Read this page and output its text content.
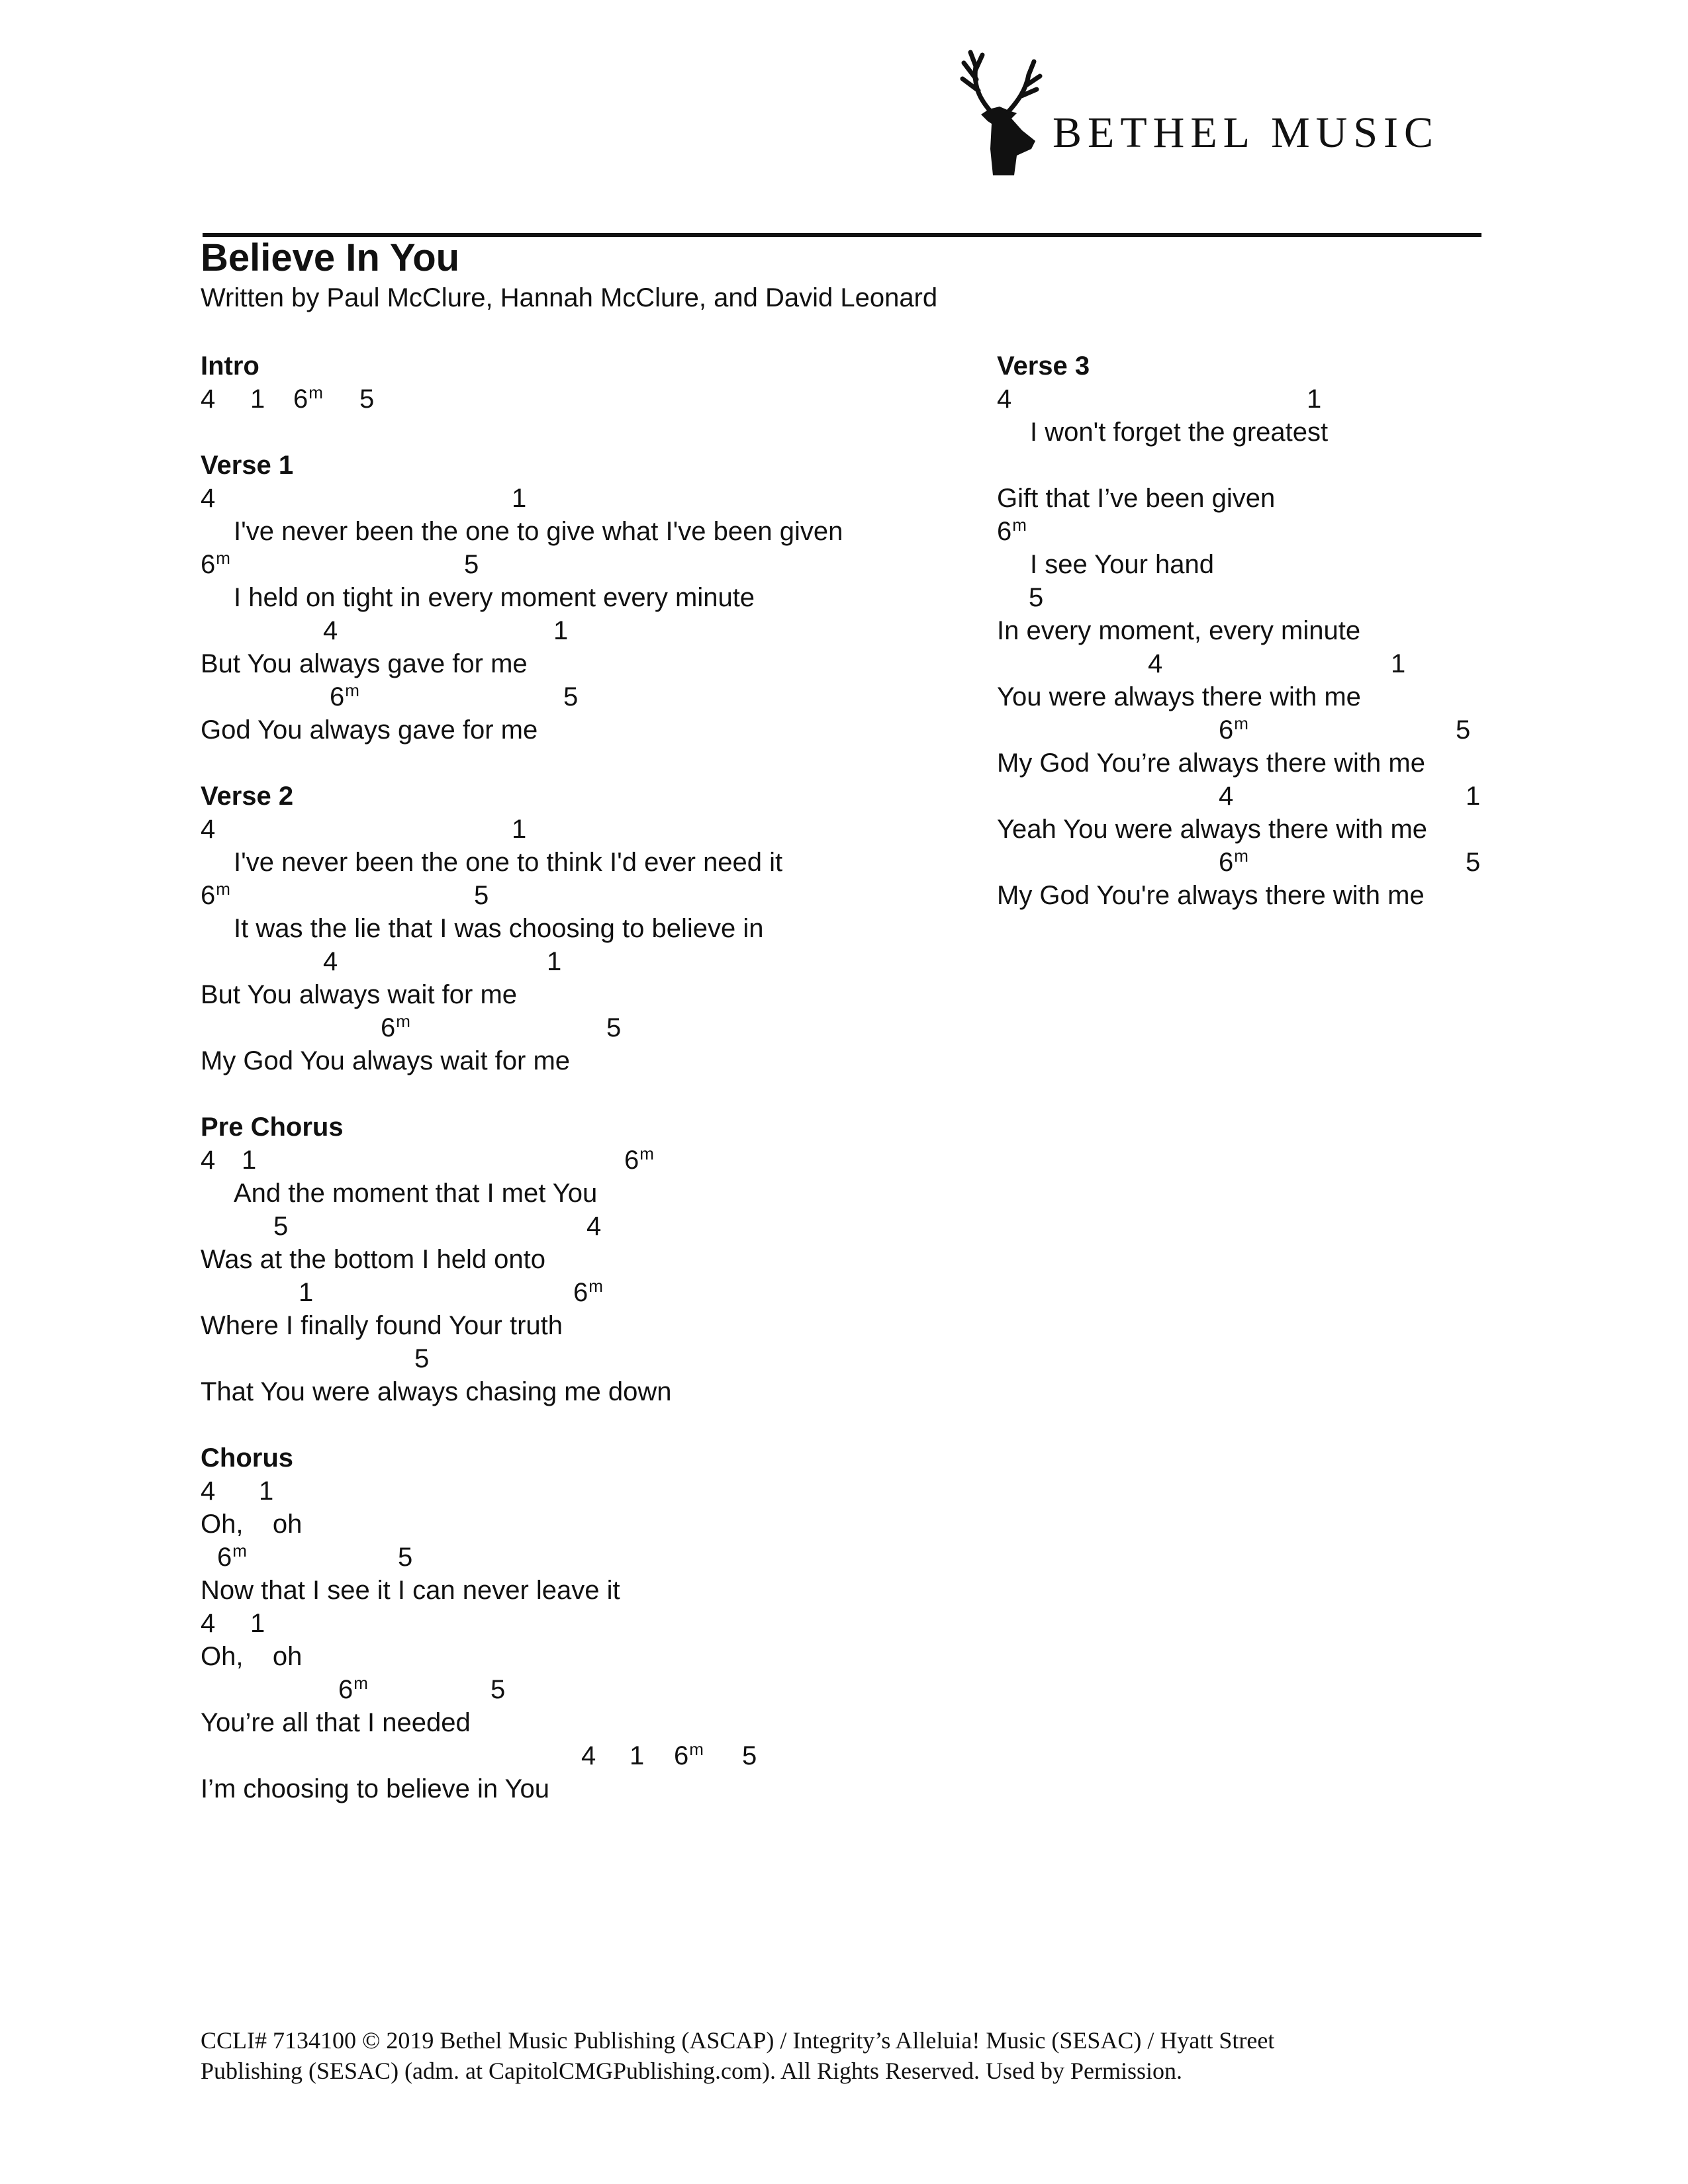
BETHEL MUSIC
Believe In You
Written by Paul McClure, Hannah McClure, and David Leonard
Intro
4 1 6$^m$ 5
Verse 1
4	1
I've never been the one to give what I've been given
6$^m$	5
I held on tight in every moment every minute
4	1
But You always gave for me
6$^m$	5
God You always gave for me
Verse 2
4	1
I've never been the one to think I'd ever need it
6$^m$	5
It was the lie that I was choosing to believe in
4	1
But You always wait for me
6$^m$	5
My God You always wait for me
Pre Chorus
4 1	6$^m$
And the moment that I met You
5	4
Was at the bottom I held onto
1	6$^m$
Where I finally found Your truth
5
That You were always chasing me down
Chorus
4 1
Oh,    oh
6$^m$	5
Now that I see it I can never leave it
4 1
Oh,    oh
6$^m$	5
You’re all that I needed
4 1 6$^m$ 5
I’m choosing to believe in You
Verse 3
4	1
I won't forget the greatest
Gift that I’ve been given
6$^m$
I see Your hand
5
In every moment, every minute
4	1
You were always there with me
6$^m$	5
My God You’re always there with me
4	1
Yeah You were always there with me
6$^m$	5
My God You're always there with me
CCLI# 7134100 © 2019 Bethel Music Publishing (ASCAP) / Integrity’s Alleluia! Music (SESAC) / Hyatt Street
Publishing (SESAC) (adm. at CapitolCMGPublishing.com). All Rights Reserved. Used by Permission.
